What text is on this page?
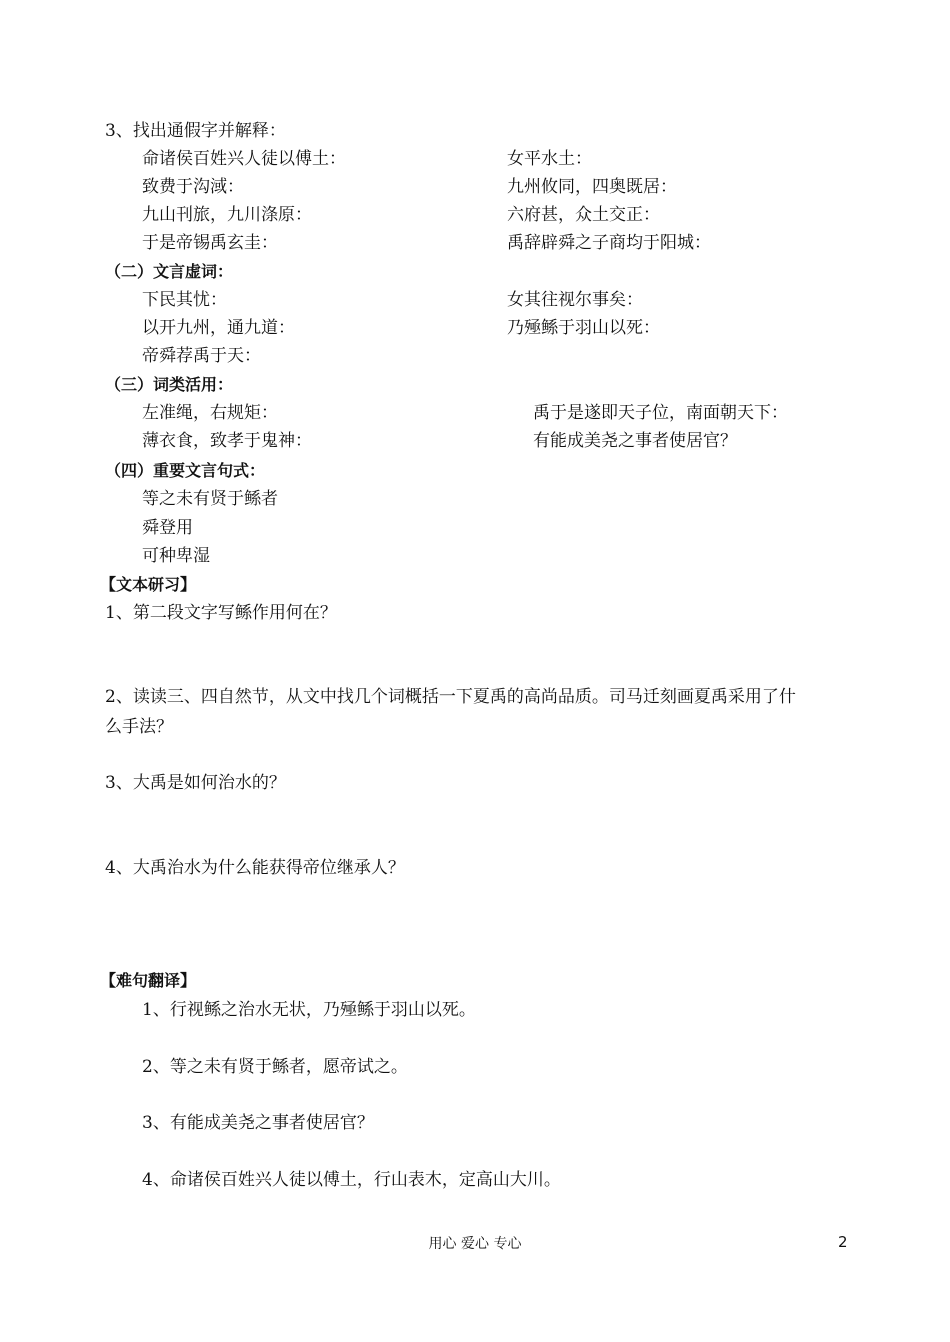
3、找出通假字并解释：
命诸侯百姓兴人徒以傅土：
致费于沟淢：
九山刊旅，九川涤原：
于是帝锡禹玄圭：
女平水土：
九州攸同，四奥既居：
六府甚，众土交正：
禹辞辟舜之子商均于阳城：
（二）文言虚词：
下民其忧：
以开九州，通九道：
帝舜荐禹于天：
女其往视尔事矣：
乃殛鲧于羽山以死：
（三）词类活用：
左准绳，右规矩：
薄衣食，致孝于鬼神：
禹于是遂即天子位，南面朝天下：
有能成美尧之事者使居官？
（四）重要文言句式：
等之未有贤于鲧者
舜登用
可种卑湿
【文本研习】
1、第二段文字写鲧作用何在？
2、读读三、四自然节，从文中找几个词概括一下夏禹的高尚品质。司马迁刻画夏禹采用了什
么手法？
3、大禹是如何治水的？
4、大禹治水为什么能获得帝位继承人？
【难句翻译】
1、行视鲧之治水无状，乃殛鲧于羽山以死。
2、等之未有贤于鲧者，愿帝试之。
3、有能成美尧之事者使居官？
4、命诸侯百姓兴人徒以傅土，行山表木，定高山大川。
用心 爱心 专心	2
